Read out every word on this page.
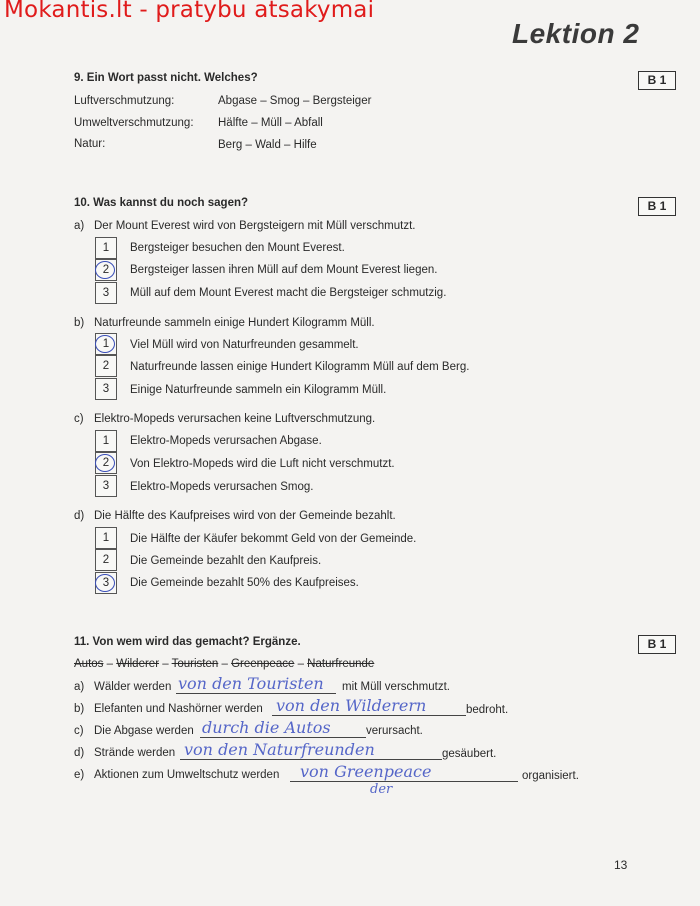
Mokantis.lt - pratybu atsakymai
Lektion 2
B 1
9. Ein Wort passt nicht. Welches?
Luftverschmutzung:	Abgase – Smog – Bergsteiger
Umweltverschmutzung: Hälfte – Müll – Abfall
Natur:	Berg – Wald – Hilfe
B 1
10. Was kannst du noch sagen?
a) Der Mount Everest wird von Bergsteigern mit Müll verschmutzt.
1	Bergsteiger besuchen den Mount Everest.
2	Bergsteiger lassen ihren Müll auf dem Mount Everest liegen.
3	Müll auf dem Mount Everest macht die Bergsteiger schmutzig.
b) Naturfreunde sammeln einige Hundert Kilogramm Müll.
1	Viel Müll wird von Naturfreunden gesammelt.
2	Naturfreunde lassen einige Hundert Kilogramm Müll auf dem Berg.
3	Einige Naturfreunde sammeln ein Kilogramm Müll.
c) Elektro-Mopeds verursachen keine Luftverschmutzung.
1	Elektro-Mopeds verursachen Abgase.
2	Von Elektro-Mopeds wird die Luft nicht verschmutzt.
3	Elektro-Mopeds verursachen Smog.
d) Die Hälfte des Kaufpreises wird von der Gemeinde bezahlt.
1	Die Hälfte der Käufer bekommt Geld von der Gemeinde.
2	Die Gemeinde bezahlt den Kaufpreis.
3	Die Gemeinde bezahlt 50% des Kaufpreises.
B 1
11. Von wem wird das gemacht? Ergänze.
Autos – Wilderer – Touristen – Greenpeace – Naturfreunde
a) Wälder werden von den Touristen mit Müll verschmutzt.
b) Elefanten und Nashörner werden von den Wilderern	bedroht.
c) Die Abgase werden durch die Autos	verursacht.
d) Strände werden von den Naturfreunden	gesäubert.
e) Aktionen zum Umweltschutz werden von Greenpeace
der
organisiert.
13
